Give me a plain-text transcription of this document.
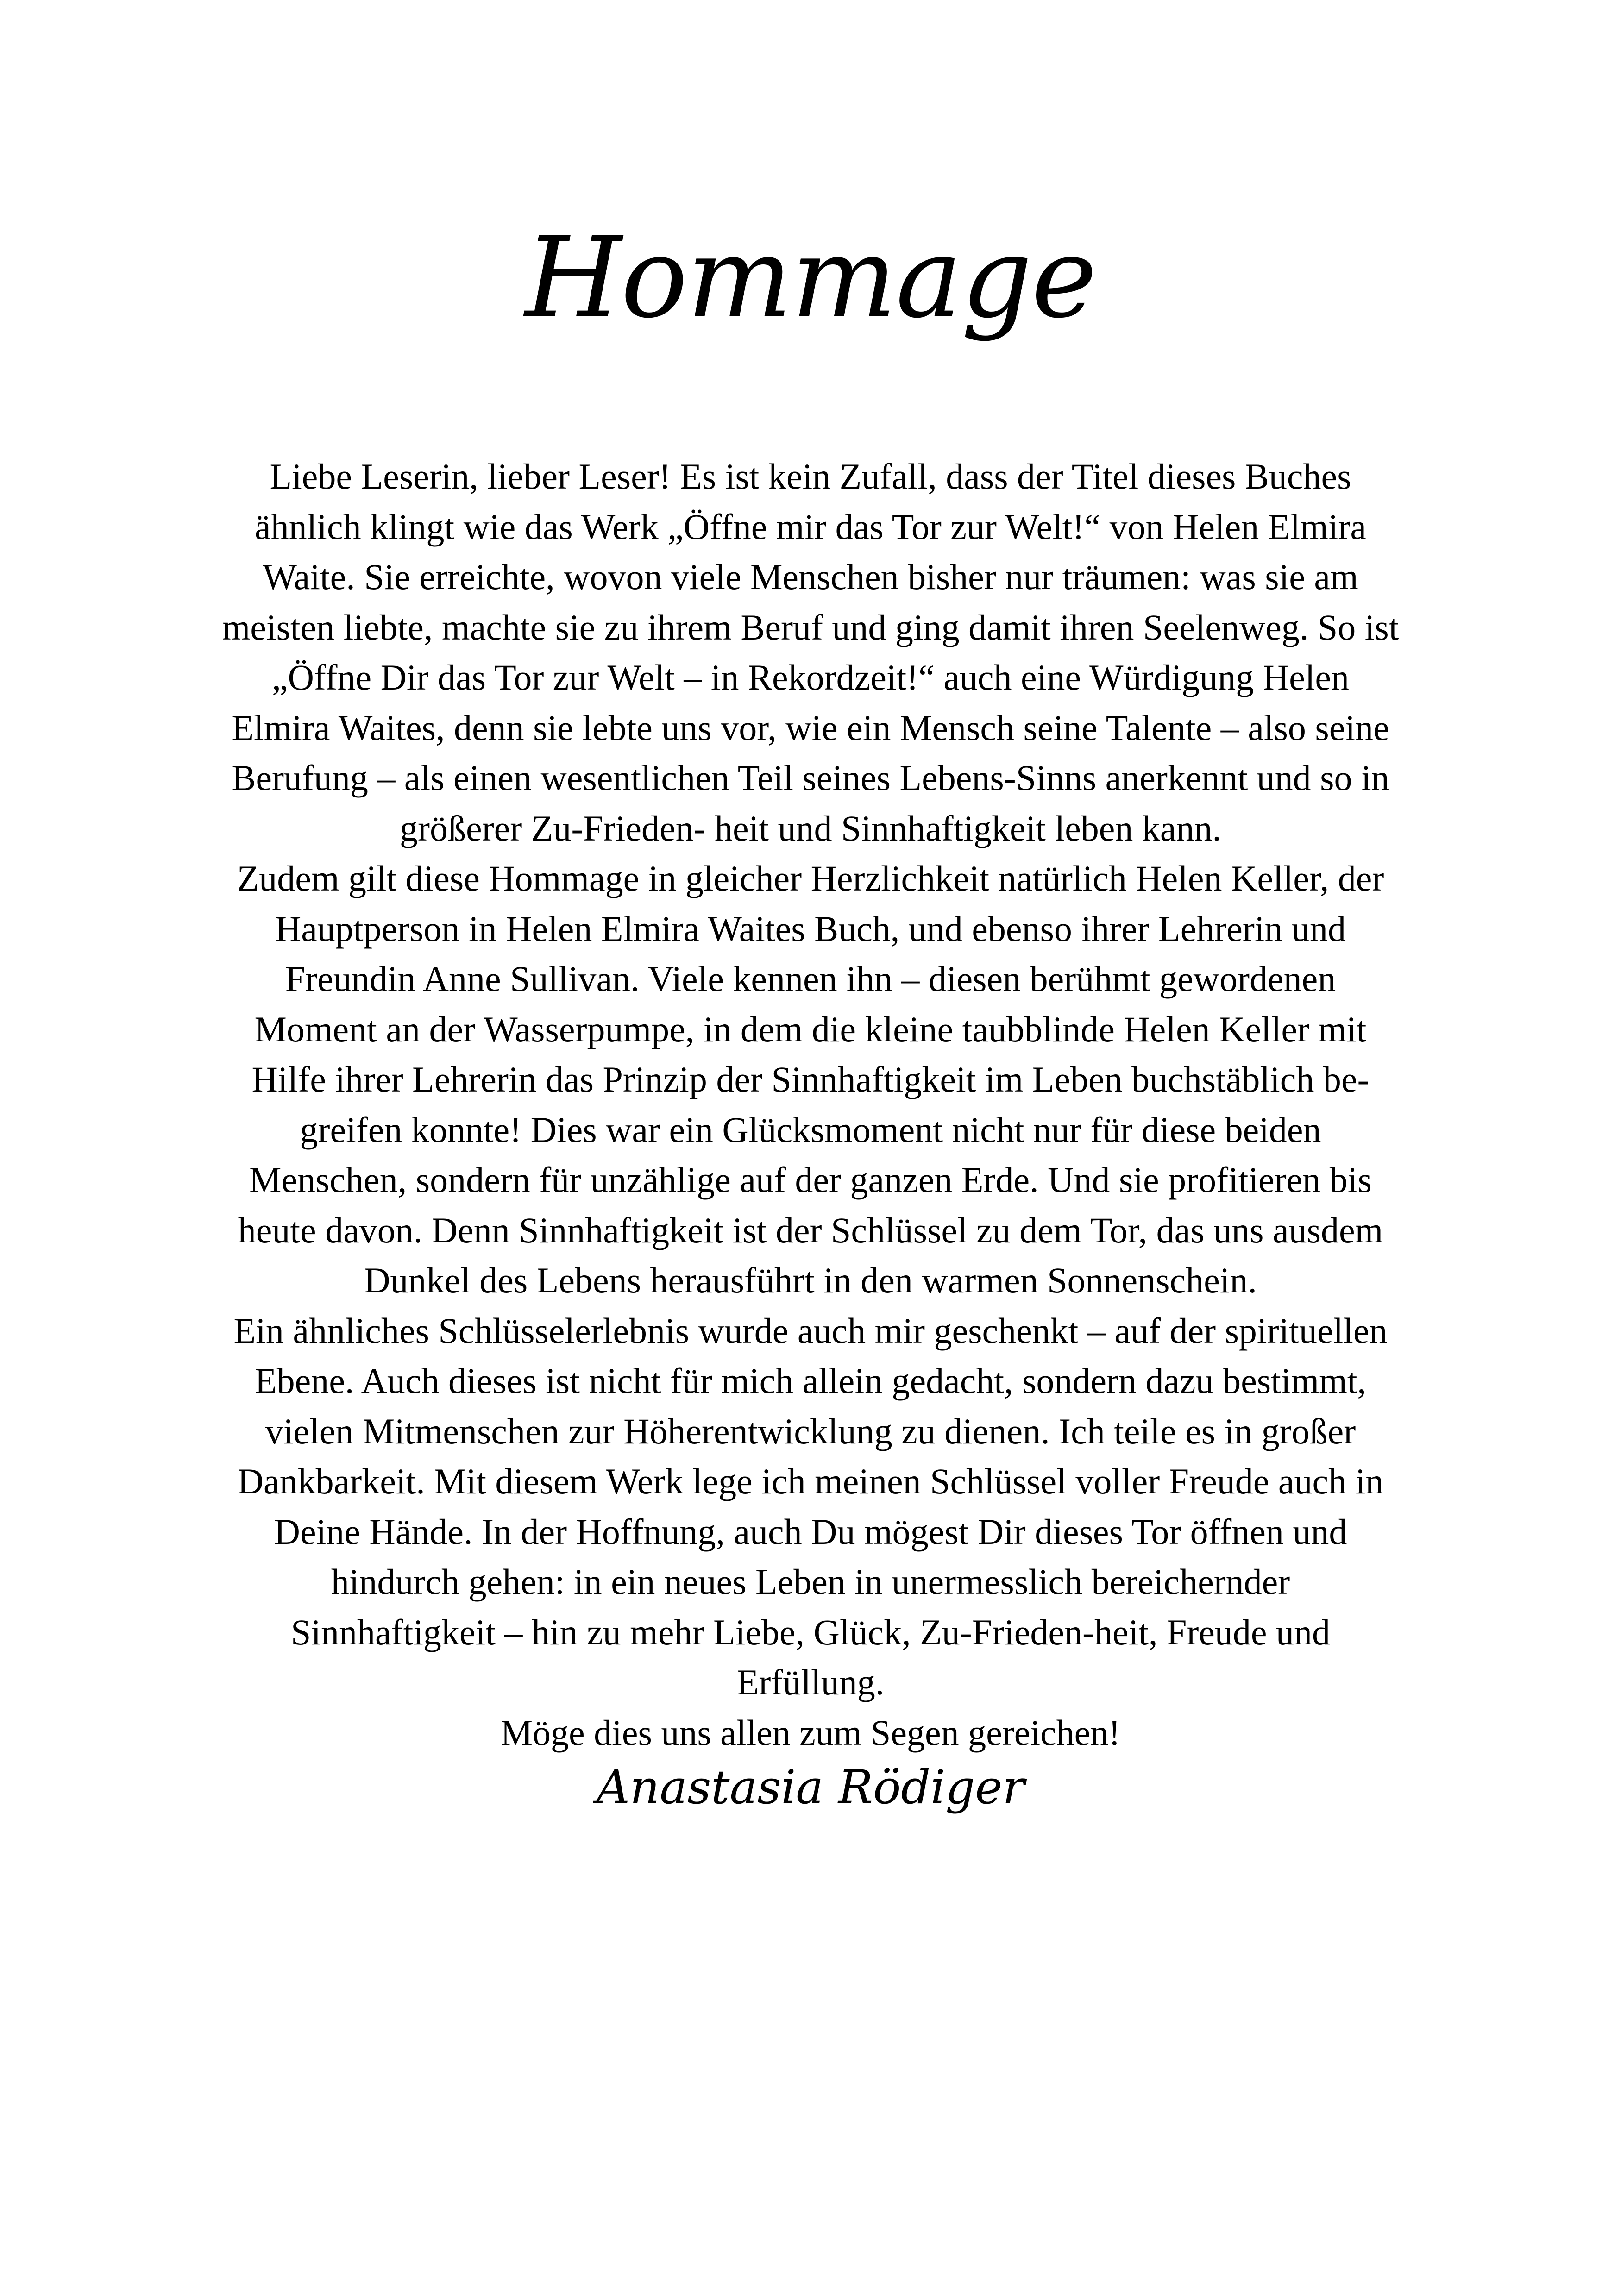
Hommage
Liebe Leserin, lieber Leser! Es ist kein Zufall, dass der Titel dieses Buches
ähnlich klingt wie das Werk „Öffne mir das Tor zur Welt!“ von Helen Elmira
Waite. Sie erreichte, wovon viele Menschen bisher nur träumen: was sie am
meisten liebte, machte sie zu ihrem Beruf und ging damit ihren Seelenweg. So ist
„Öffne Dir das Tor zur Welt – in Rekordzeit!“ auch eine Würdigung Helen
Elmira Waites, denn sie lebte uns vor, wie ein Mensch seine Talente – also seine
Berufung – als einen wesentlichen Teil seines Lebens-Sinns anerkennt und so in
größerer Zu-Frieden- heit und Sinnhaftigkeit leben kann.
Zudem gilt diese Hommage in gleicher Herzlichkeit natürlich Helen Keller, der
Hauptperson in Helen Elmira Waites Buch, und ebenso ihrer Lehrerin und
Freundin Anne Sullivan. Viele kennen ihn – diesen berühmt gewordenen
Moment an der Wasserpumpe, in dem die kleine taubblinde Helen Keller mit
Hilfe ihrer Lehrerin das Prinzip der Sinnhaftigkeit im Leben buchstäblich be-
greifen konnte! Dies war ein Glücksmoment nicht nur für diese beiden
Menschen, sondern für unzählige auf der ganzen Erde. Und sie profitieren bis
heute davon. Denn Sinnhaftigkeit ist der Schlüssel zu dem Tor, das uns ausdem
Dunkel des Lebens herausführt in den warmen Sonnenschein.
Ein ähnliches Schlüsselerlebnis wurde auch mir geschenkt – auf der spirituellen
Ebene. Auch dieses ist nicht für mich allein gedacht, sondern dazu bestimmt,
vielen Mitmenschen zur Höherentwicklung zu dienen. Ich teile es in großer
Dankbarkeit. Mit diesem Werk lege ich meinen Schlüssel voller Freude auch in
Deine Hände. In der Hoffnung, auch Du mögest Dir dieses Tor öffnen und
hindurch gehen: in ein neues Leben in unermesslich bereichernder
Sinnhaftigkeit – hin zu mehr Liebe, Glück, Zu-Frieden-heit, Freude und
Erfüllung.
Möge dies uns allen zum Segen gereichen!
Anastasia Rödiger
